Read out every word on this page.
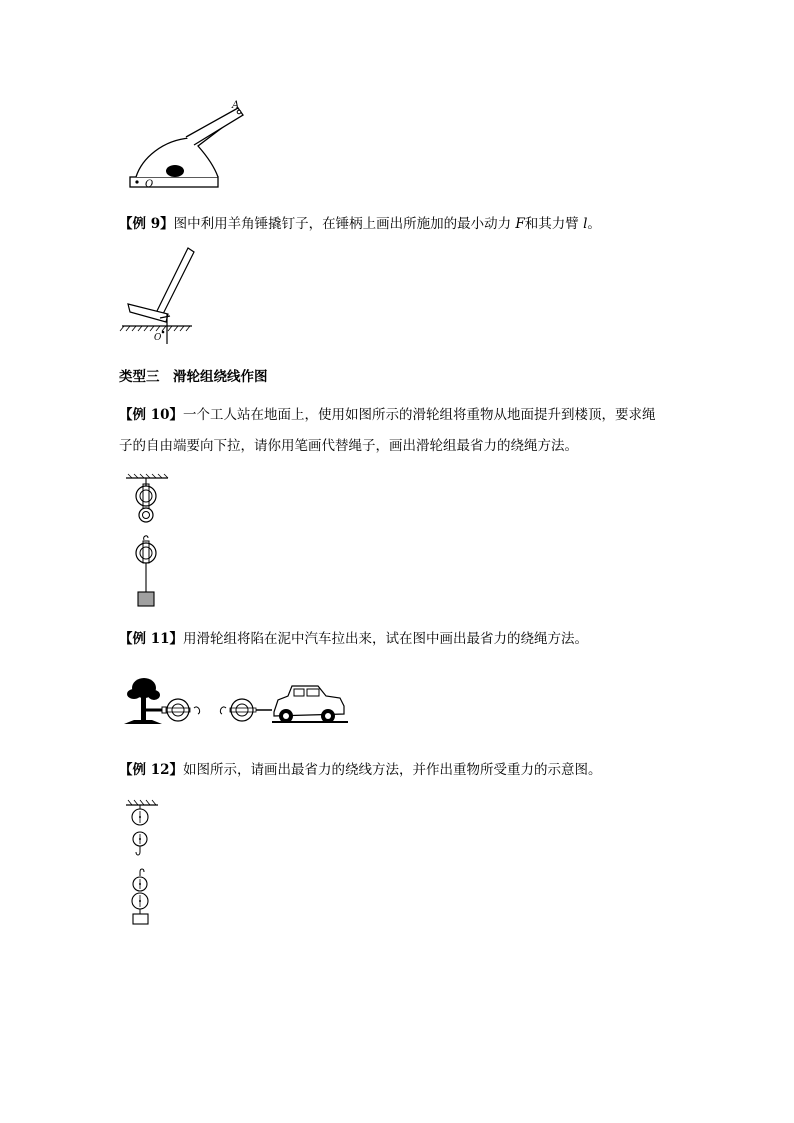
A
O
【例 9】图中利用羊角锤撬钉子，在锤柄上画出所施加的最小动力 F和其力臂 l。
O
类型三　滑轮组绕线作图
【例 10】一个工人站在地面上，使用如图所示的滑轮组将重物从地面提升到楼顶，要求绳
子的自由端要向下拉，请你用笔画代替绳子，画出滑轮组最省力的绕绳方法。
【例 11】用滑轮组将陷在泥中汽车拉出来，试在图中画出最省力的绕绳方法。
【例 12】如图所示，请画出最省力的绕线方法，并作出重物所受重力的示意图。
